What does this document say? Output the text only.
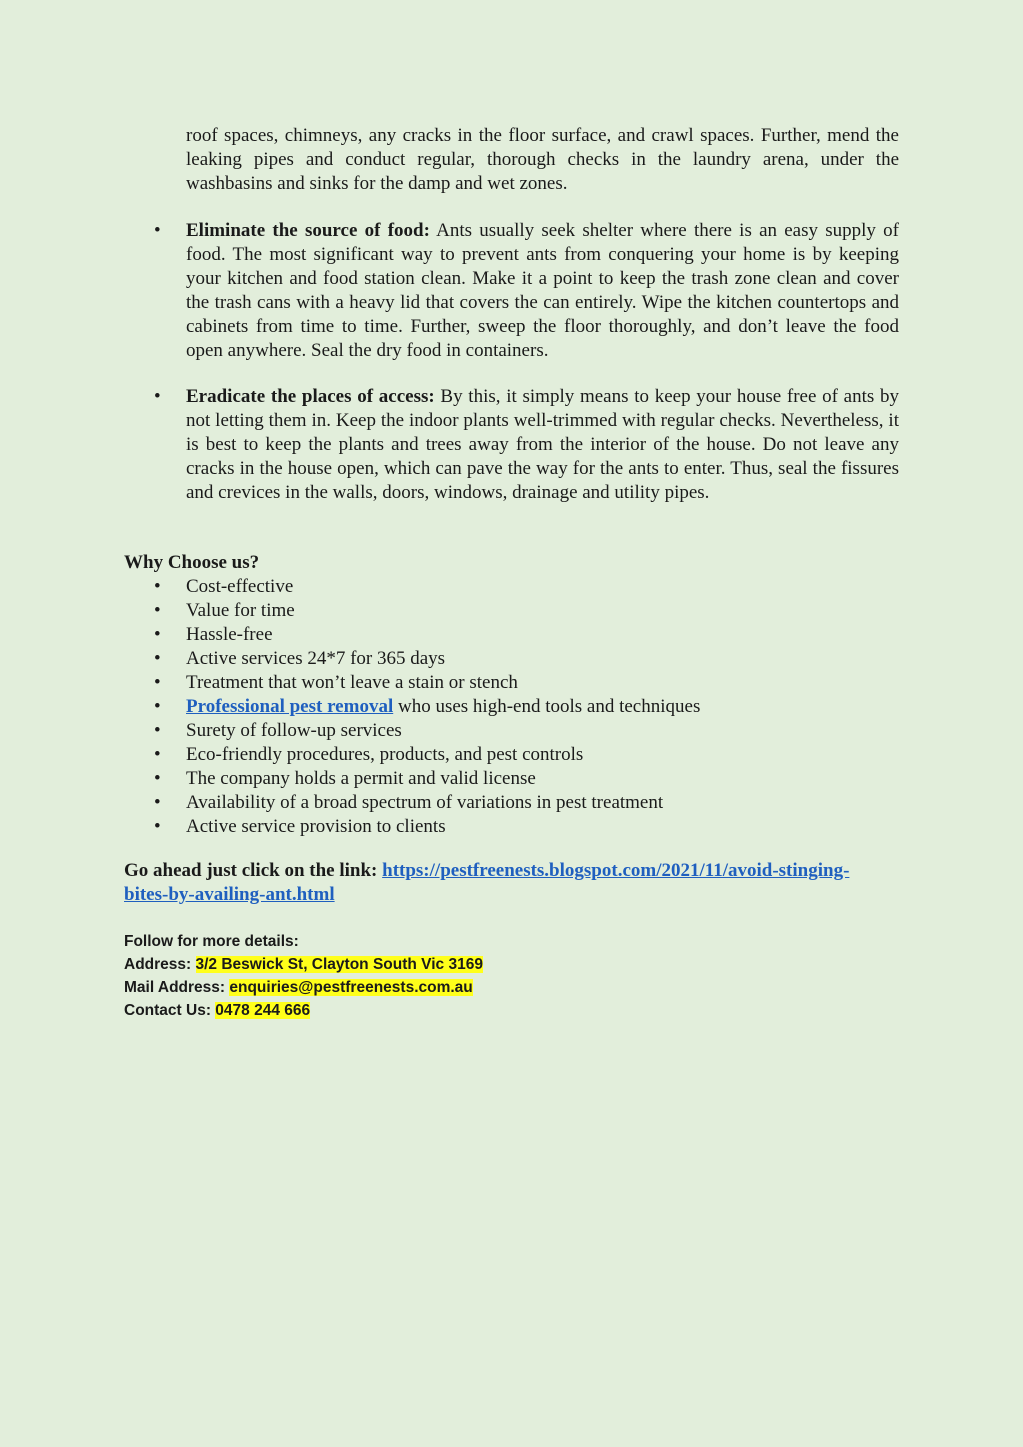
roof spaces, chimneys, any cracks in the floor surface, and crawl spaces. Further, mend the leaking pipes and conduct regular, thorough checks in the laundry arena, under the washbasins and sinks for the damp and wet zones.

• Eliminate the source of food: Ants usually seek shelter where there is an easy supply of food. The most significant way to prevent ants from conquering your home is by keeping your kitchen and food station clean. Make it a point to keep the trash zone clean and cover the trash cans with a heavy lid that covers the can entirely. Wipe the kitchen countertops and cabinets from time to time. Further, sweep the floor thoroughly, and don’t leave the food open anywhere. Seal the dry food in containers.

• Eradicate the places of access: By this, it simply means to keep your house free of ants by not letting them in. Keep the indoor plants well-trimmed with regular checks. Nevertheless, it is best to keep the plants and trees away from the interior of the house. Do not leave any cracks in the house open, which can pave the way for the ants to enter. Thus, seal the fissures and crevices in the walls, doors, windows, drainage and utility pipes.

Why Choose us?
• Cost-effective
• Value for time
• Hassle-free
• Active services 24*7 for 365 days
• Treatment that won’t leave a stain or stench
• Professional pest removal who uses high-end tools and techniques
• Surety of follow-up services
• Eco-friendly procedures, products, and pest controls
• The company holds a permit and valid license
• Availability of a broad spectrum of variations in pest treatment
• Active service provision to clients

Go ahead just click on the link: https://pestfreenests.blogspot.com/2021/11/avoid-stinging-bites-by-availing-ant.html

Follow for more details:
Address: 3/2 Beswick St, Clayton South Vic 3169
Mail Address: enquiries@pestfreenests.com.au
Contact Us: 0478 244 666
